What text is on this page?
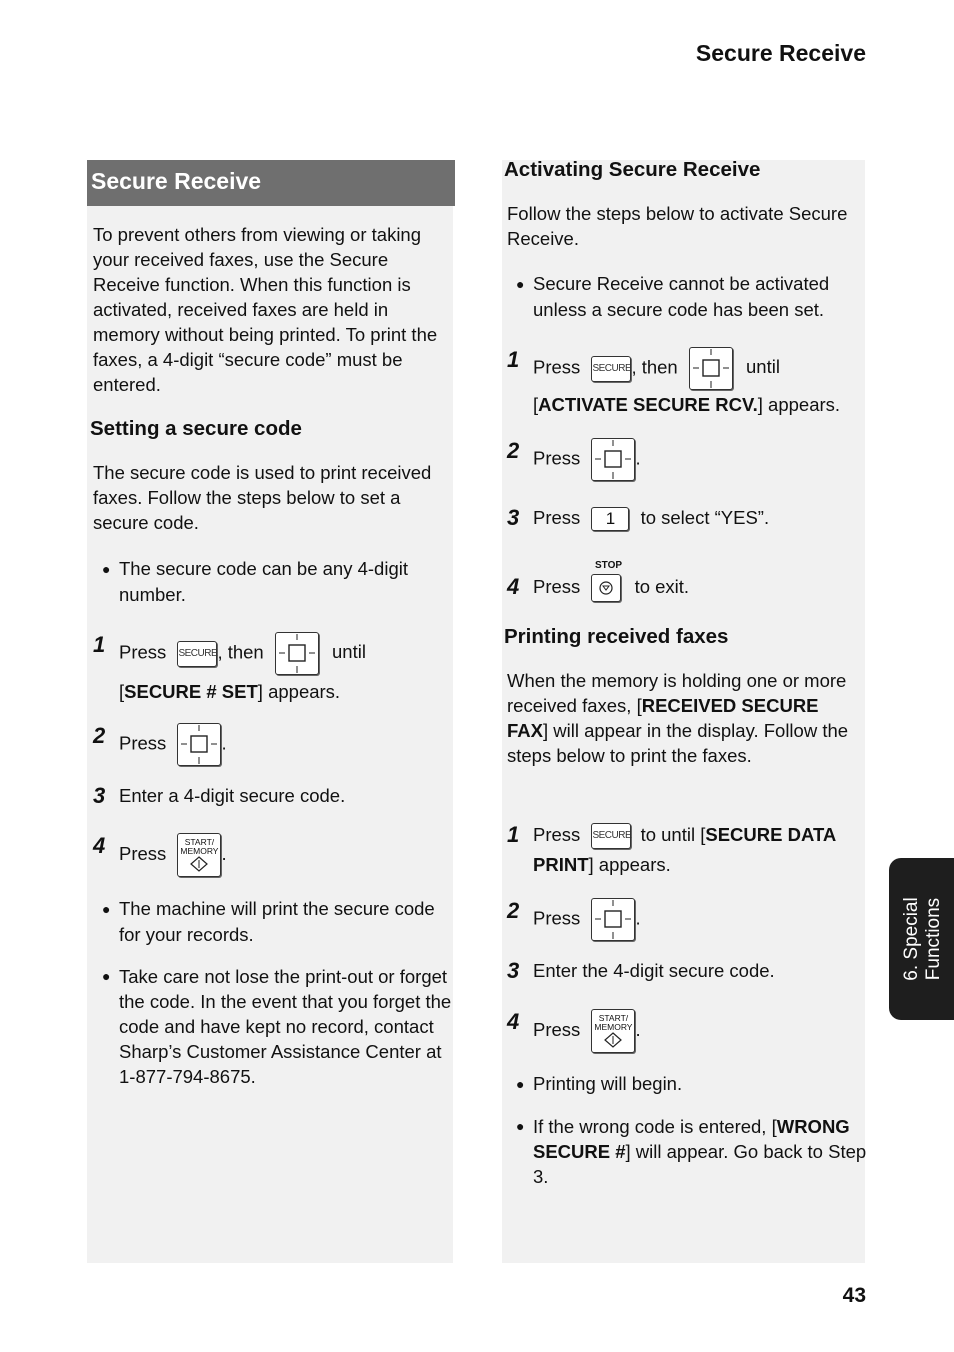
Secure Receive
Secure Receive

To prevent others from viewing or taking your received faxes, use the Secure Receive function. When this function is activated, received faxes are held in memory without being printed. To print the faxes, a 4-digit “secure code” must be entered.

Setting a secure code

The secure code is used to print received faxes. Follow the steps below to set a secure code.

● The secure code can be any 4-digit number.
1 Press SECURE, then	until
[SECURE # SET] appears.
2 Press	.
3 Enter a 4-digit secure code.
4 Press
START/
MEMORY .
● The machine will print the secure code for your records.
● Take care not lose the print-out or forget the code. In the event that you forget the code and have kept no record, contact Sharp’s Customer Assistance Center at 1-877-794-8675.

Activating Secure Receive

Follow the steps below to activate Secure Receive.

● Secure Receive cannot be activated unless a secure code has been set.
1 Press SECURE, then	until
[ACTIVATE SECURE RCV.] appears.
2 Press	.
3 Press 1 to select “YES”.
STOP
4 Press	to exit.

Printing received faxes

When the memory is holding one or more received faxes, [RECEIVED SECURE FAX] will appear in the display. Follow the steps below to print the faxes.

1 Press SECURE to until [SECURE DATA PRINT] appears.
2 Press	.
3 Enter the 4-digit secure code.
4 Press
START/
MEMORY .
● Printing will begin.
● If the wrong code is entered, [WRONG SECURE #] will appear. Go back to Step 3.
6. Special Functions
43
